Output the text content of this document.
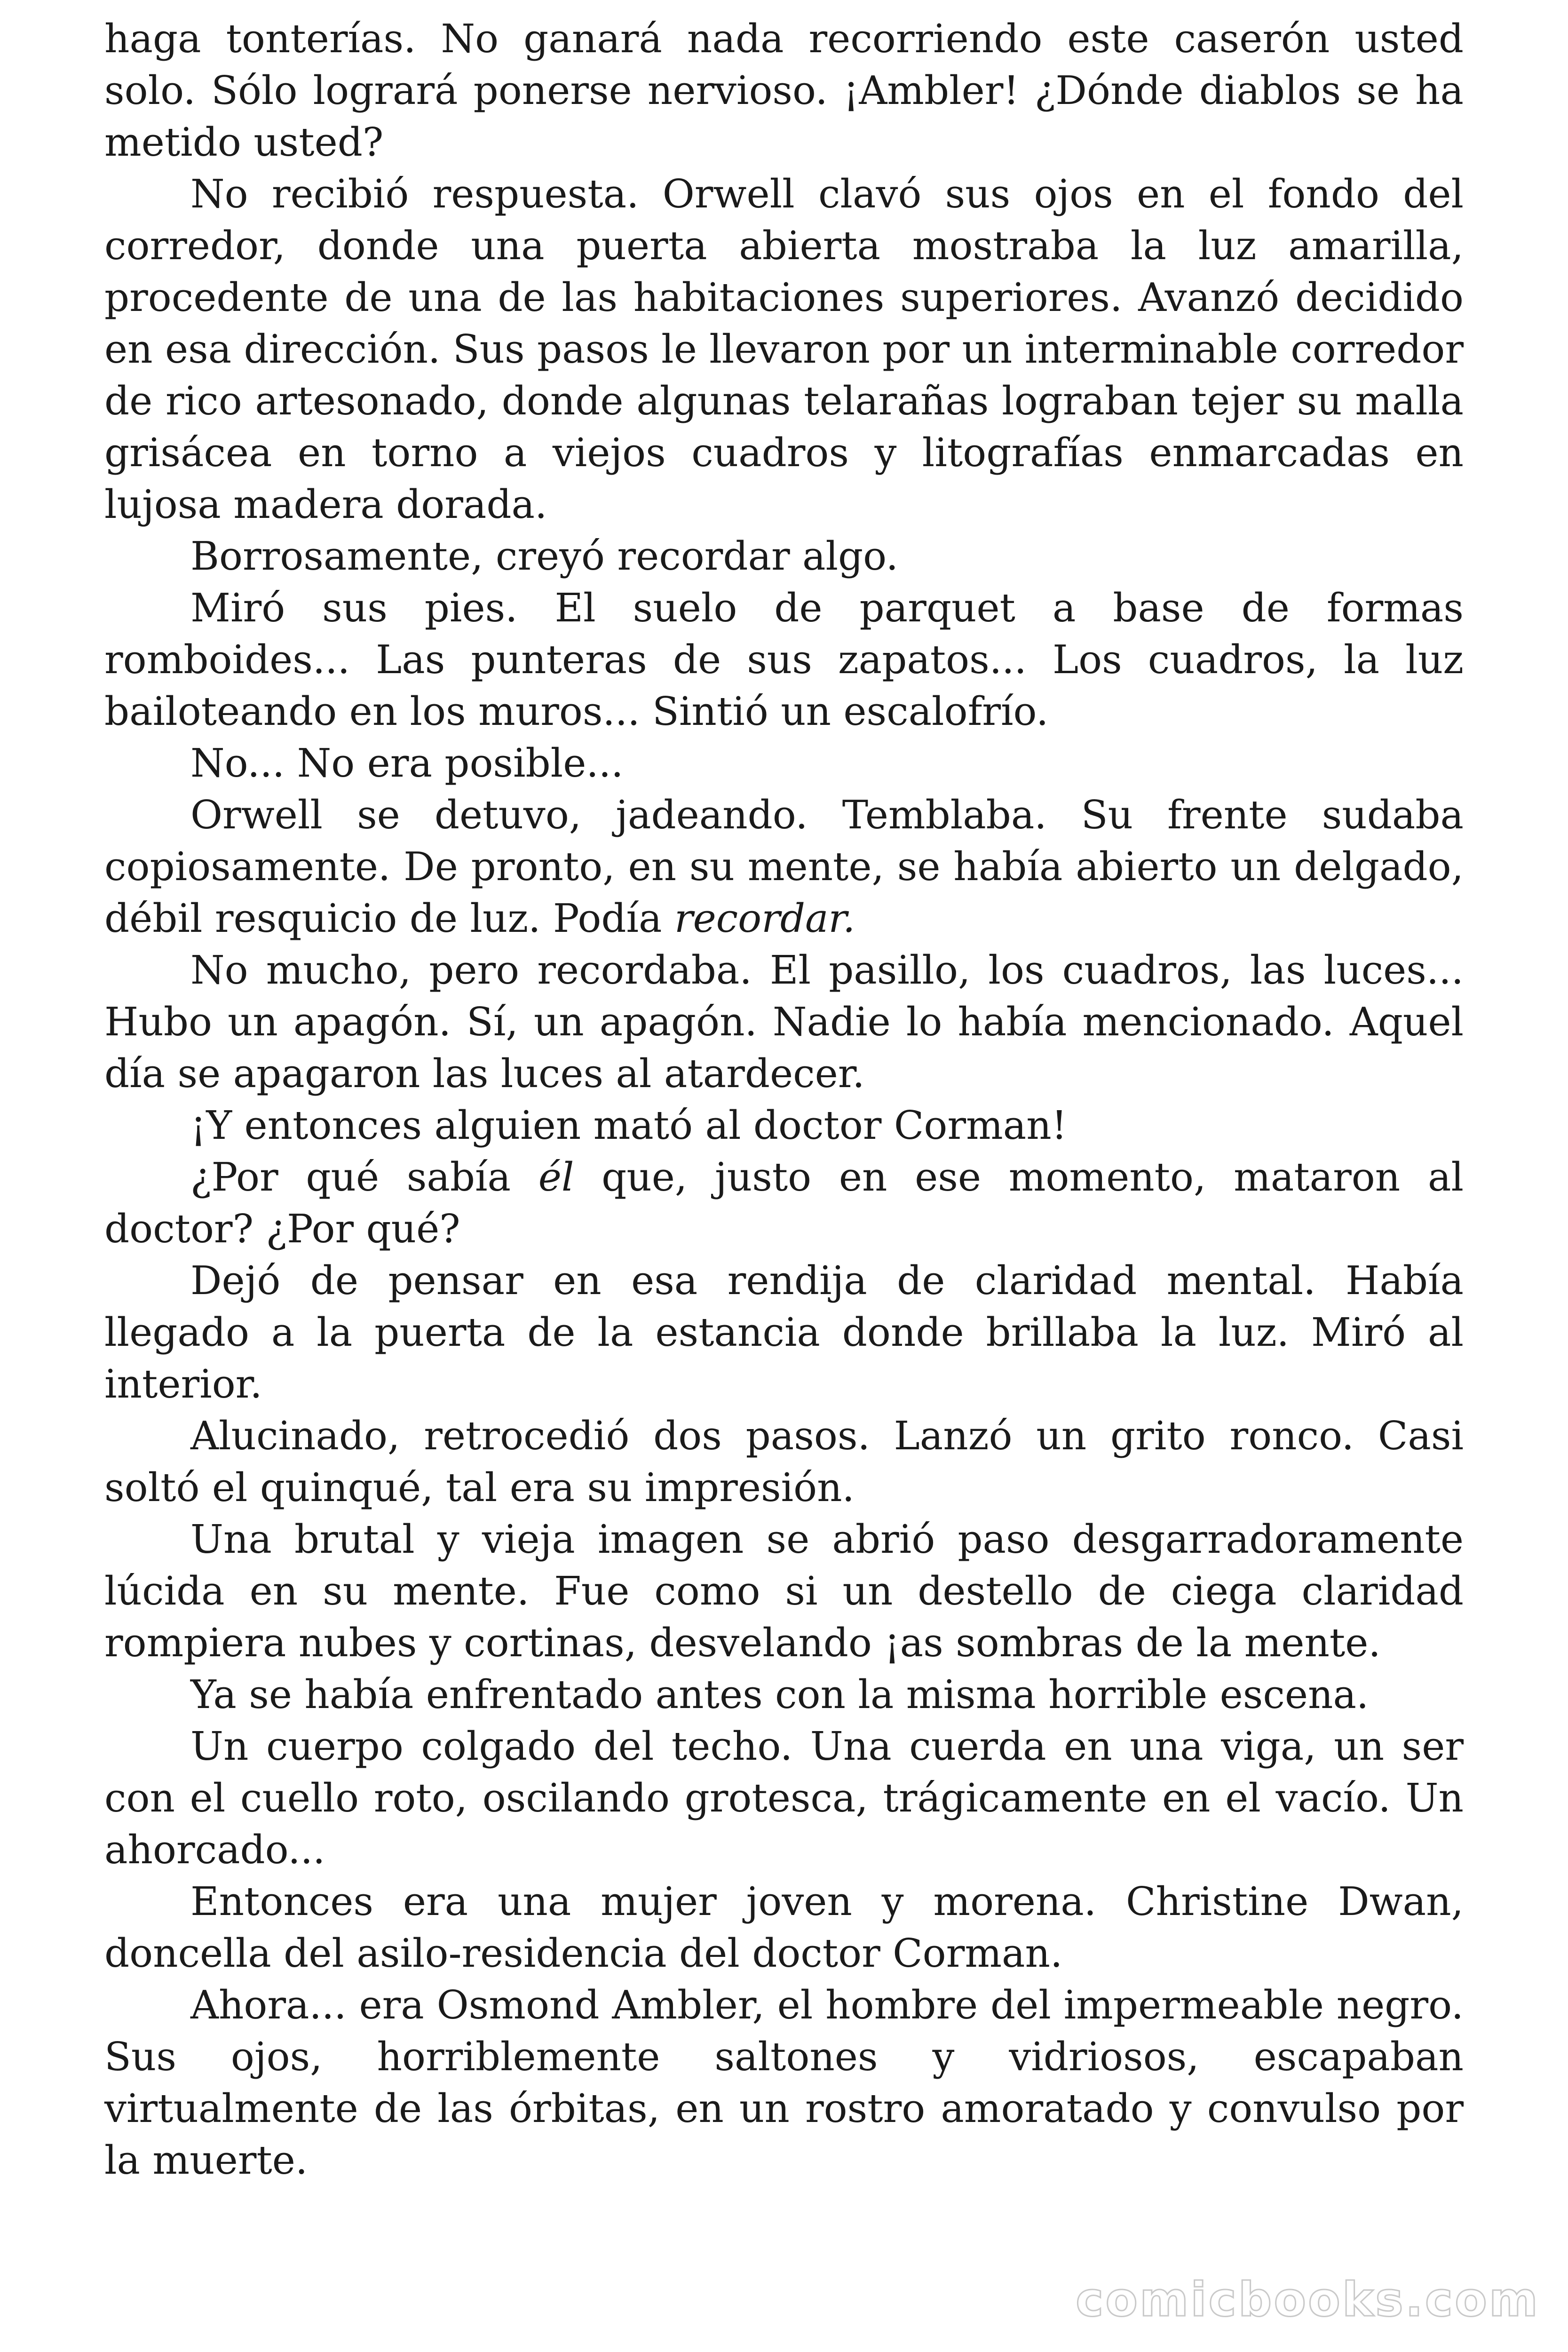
haga tonterías. No ganará nada recorriendo este caserón usted solo. Sólo logrará ponerse nervioso. ¡Ambler! ¿Dónde diablos se ha metido usted?

No recibió respuesta. Orwell clavó sus ojos en el fondo del corredor, donde una puerta abierta mostraba la luz amarilla, procedente de una de las habitaciones superiores. Avanzó decidido en esa dirección. Sus pasos le llevaron por un interminable corredor de rico artesonado, donde algunas telarañas lograban tejer su malla grisácea en torno a viejos cuadros y litografías enmarcadas en lujosa madera dorada.

Borrosamente, creyó recordar algo.

Miró sus pies. El suelo de parquet a base de formas romboides... Las punteras de sus zapatos... Los cuadros, la luz bailoteando en los muros... Sintió un escalofrío.

No... No era posible...

Orwell se detuvo, jadeando. Temblaba. Su frente sudaba copiosamente. De pronto, en su mente, se había abierto un delgado, débil resquicio de luz. Podía recordar.

No mucho, pero recordaba. El pasillo, los cuadros, las luces... Hubo un apagón. Sí, un apagón. Nadie lo había mencionado. Aquel día se apagaron las luces al atardecer.

¡Y entonces alguien mató al doctor Corman!

¿Por qué sabía él que, justo en ese momento, mataron al doctor? ¿Por qué?

Dejó de pensar en esa rendija de claridad mental. Había llegado a la puerta de la estancia donde brillaba la luz. Miró al interior.

Alucinado, retrocedió dos pasos. Lanzó un grito ronco. Casi soltó el quinqué, tal era su impresión.

Una brutal y vieja imagen se abrió paso desgarradoramente lúcida en su mente. Fue como si un destello de ciega claridad rompiera nubes y cortinas, desvelando ¡as sombras de la mente.

Ya se había enfrentado antes con la misma horrible escena.

Un cuerpo colgado del techo. Una cuerda en una viga, un ser con el cuello roto, oscilando grotesca, trágicamente en el vacío. Un ahorcado...

Entonces era una mujer joven y morena. Christine Dwan, doncella del asilo-residencia del doctor Corman.

Ahora... era Osmond Ambler, el hombre del impermeable negro. Sus ojos, horriblemente saltones y vidriosos, escapaban virtualmente de las órbitas, en un rostro amoratado y convulso por la muerte.

comicbooks.com
